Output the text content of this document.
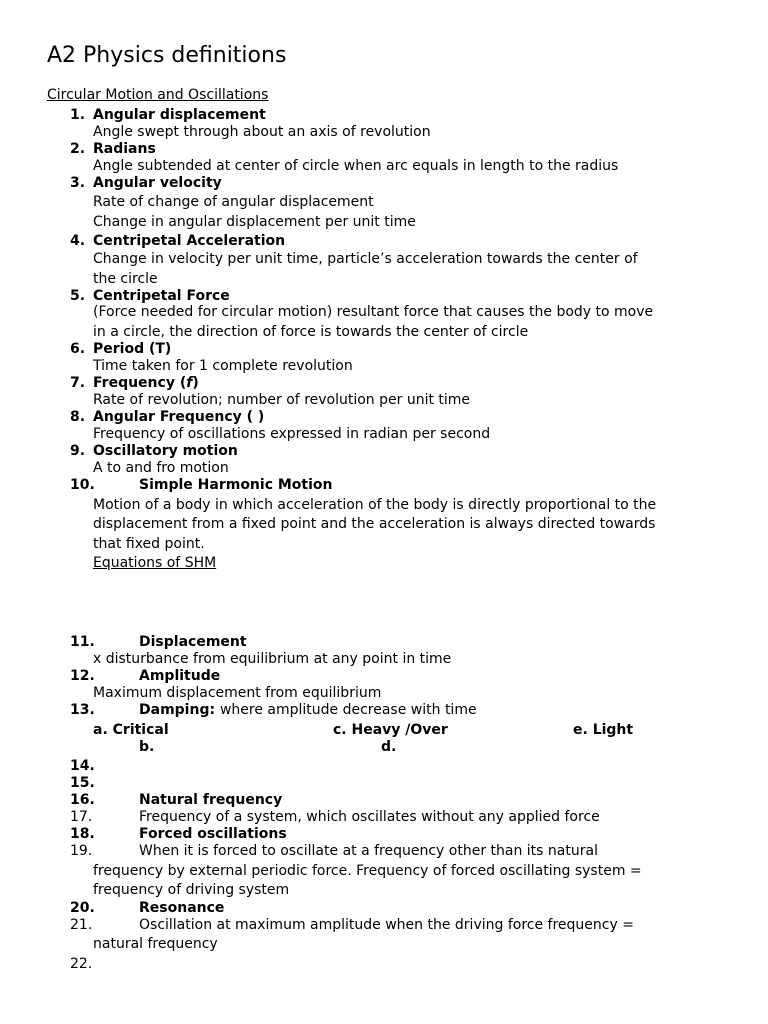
A2 Physics definitions
Circular Motion and Oscillations
1. Angular displacement
Angle swept through about an axis of revolution
2. Radians
Angle subtended at center of circle when arc equals in length to the radius
3. Angular velocity
Rate of change of angular displacement
Change in angular displacement per unit time
4. Centripetal Acceleration
Change in velocity per unit time, particle’s acceleration towards the center of
the circle
5. Centripetal Force
(Force needed for circular motion) resultant force that causes the body to move
in a circle, the direction of force is towards the center of circle
6. Period (T)
Time taken for 1 complete revolution
7. Frequency (f)
Rate of revolution; number of revolution per unit time
8. Angular Frequency ( )
Frequency of oscillations expressed in radian per second
9. Oscillatory motion
A to and fro motion
10.	Simple Harmonic Motion
Motion of a body in which acceleration of the body is directly proportional to the
displacement from a fixed point and the acceleration is always directed towards
that fixed point.
Equations of SHM
11.	Displacement
x disturbance from equilibrium at any point in time
12.	Amplitude
Maximum displacement from equilibrium
13.	Damping: where amplitude decrease with time
a. Critical	c. Heavy /Over	e. Light
b.	d.
14.
15.
16.	Natural frequency
17.	Frequency of a system, which oscillates without any applied force
18.	Forced oscillations
19.	When it is forced to oscillate at a frequency other than its natural
frequency by external periodic force. Frequency of forced oscillating system =
frequency of driving system
20.	Resonance
21.	Oscillation at maximum amplitude when the driving force frequency =
natural frequency
22.
